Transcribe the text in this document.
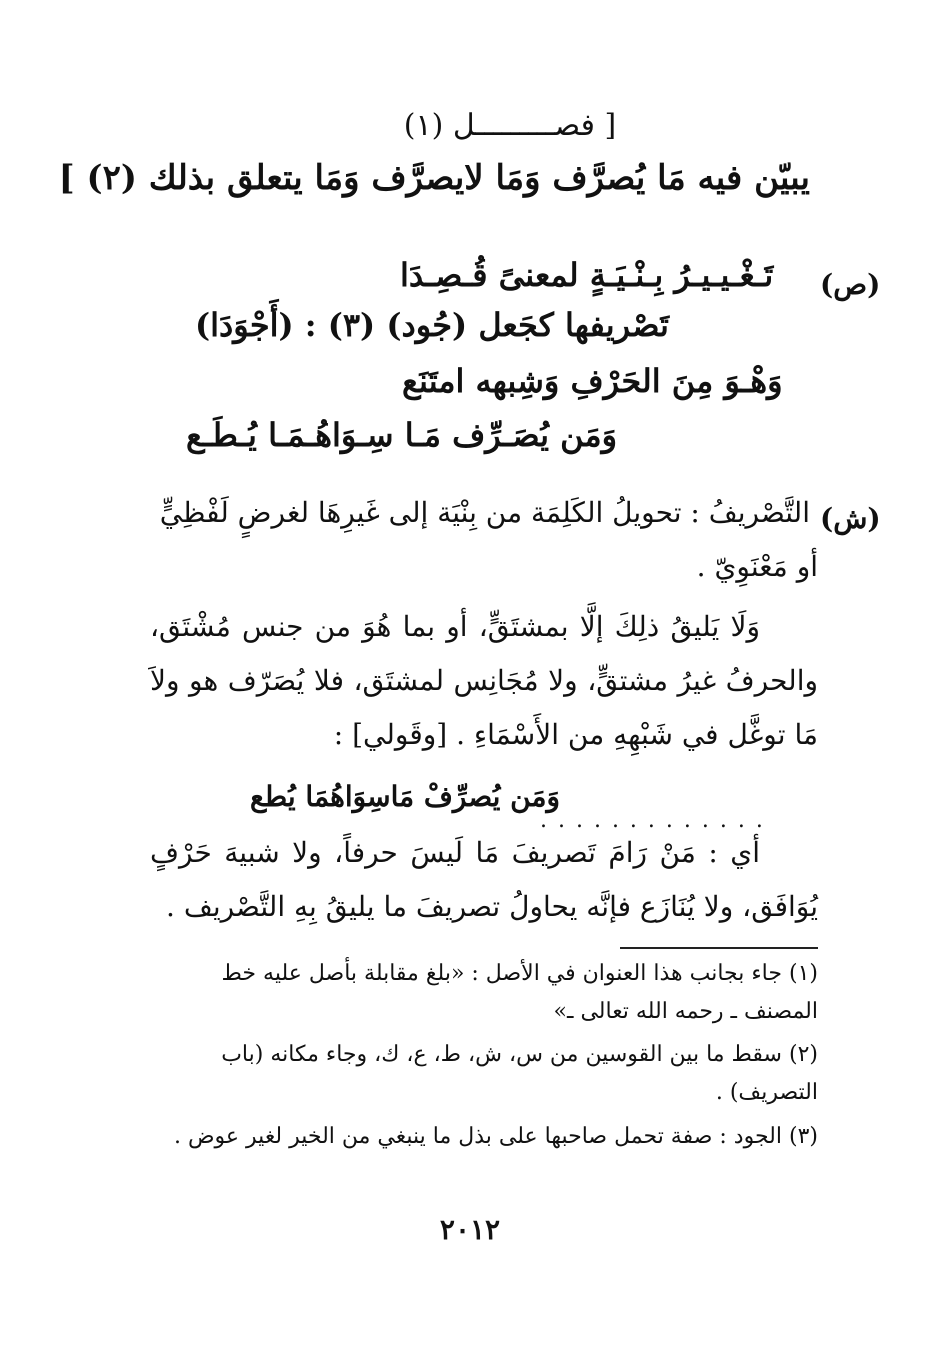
[ فصـــــــــل (١)
يبيّن فيه مَا يُصرَّف وَمَا لايصرَّف وَمَا يتعلق بذلك (٢) ]
(ص)
تَـغْـيـيـرُ بِـنْـيَـةٍ لمعنىً قُـصِـدَا
تَصْريفها كجَعل (جُود) (٣) : (أَجْوَدَا)
وَهْـوَ مِنَ الحَرْفِ وَشِبهه امتَنَع
وَمَن يُصَـرِّف مَـا سِـوَاهُـمَـا يُـطَـع
(ش)
التَّصْريفُ : تحويلُ الكَلِمَة من بِنْيَة إلى غَيرِهَا لغرضٍ لَفْظِيٍّ
أو مَعْنَوِيّ .
وَلَا يَليقُ ذلِكَ إلَّا بمشتَقٍّ، أو بما هُوَ من جنس مُشْتَق، والحرفُ غيرُ مشتقٍّ، ولا مُجَانِس لمشتَق، فلا يُصَرّف هو ولاَ مَا توغَّل في شَبْهِهِ من الأَسْمَاءِ . [وقَولي] :
وَمَن يُصرِّفْ مَاسِوَاهُمَا يُطع
. . . . . . . . . . . . .
أي : مَنْ رَامَ تَصريفَ مَا لَيسَ حرفاً، ولا شبيهَ حَرْفٍ يُوَافَق، ولا يُنَازَع فإنَّه يحاولُ تصريفَ ما يليقُ بِهِ التَّصْريف .
(١) جاء بجانب هذا العنوان في الأصل : «بلغ مقابلة بأصل عليه خط المصنف ـ رحمه الله تعالى ـ»
(٢) سقط ما بين القوسين من س، ش، ط، ع، ك، وجاء مكانه (باب التصريف) .
(٣) الجود : صفة تحمل صاحبها على بذل ما ينبغي من الخير لغير عوض .
٢٠١٢
